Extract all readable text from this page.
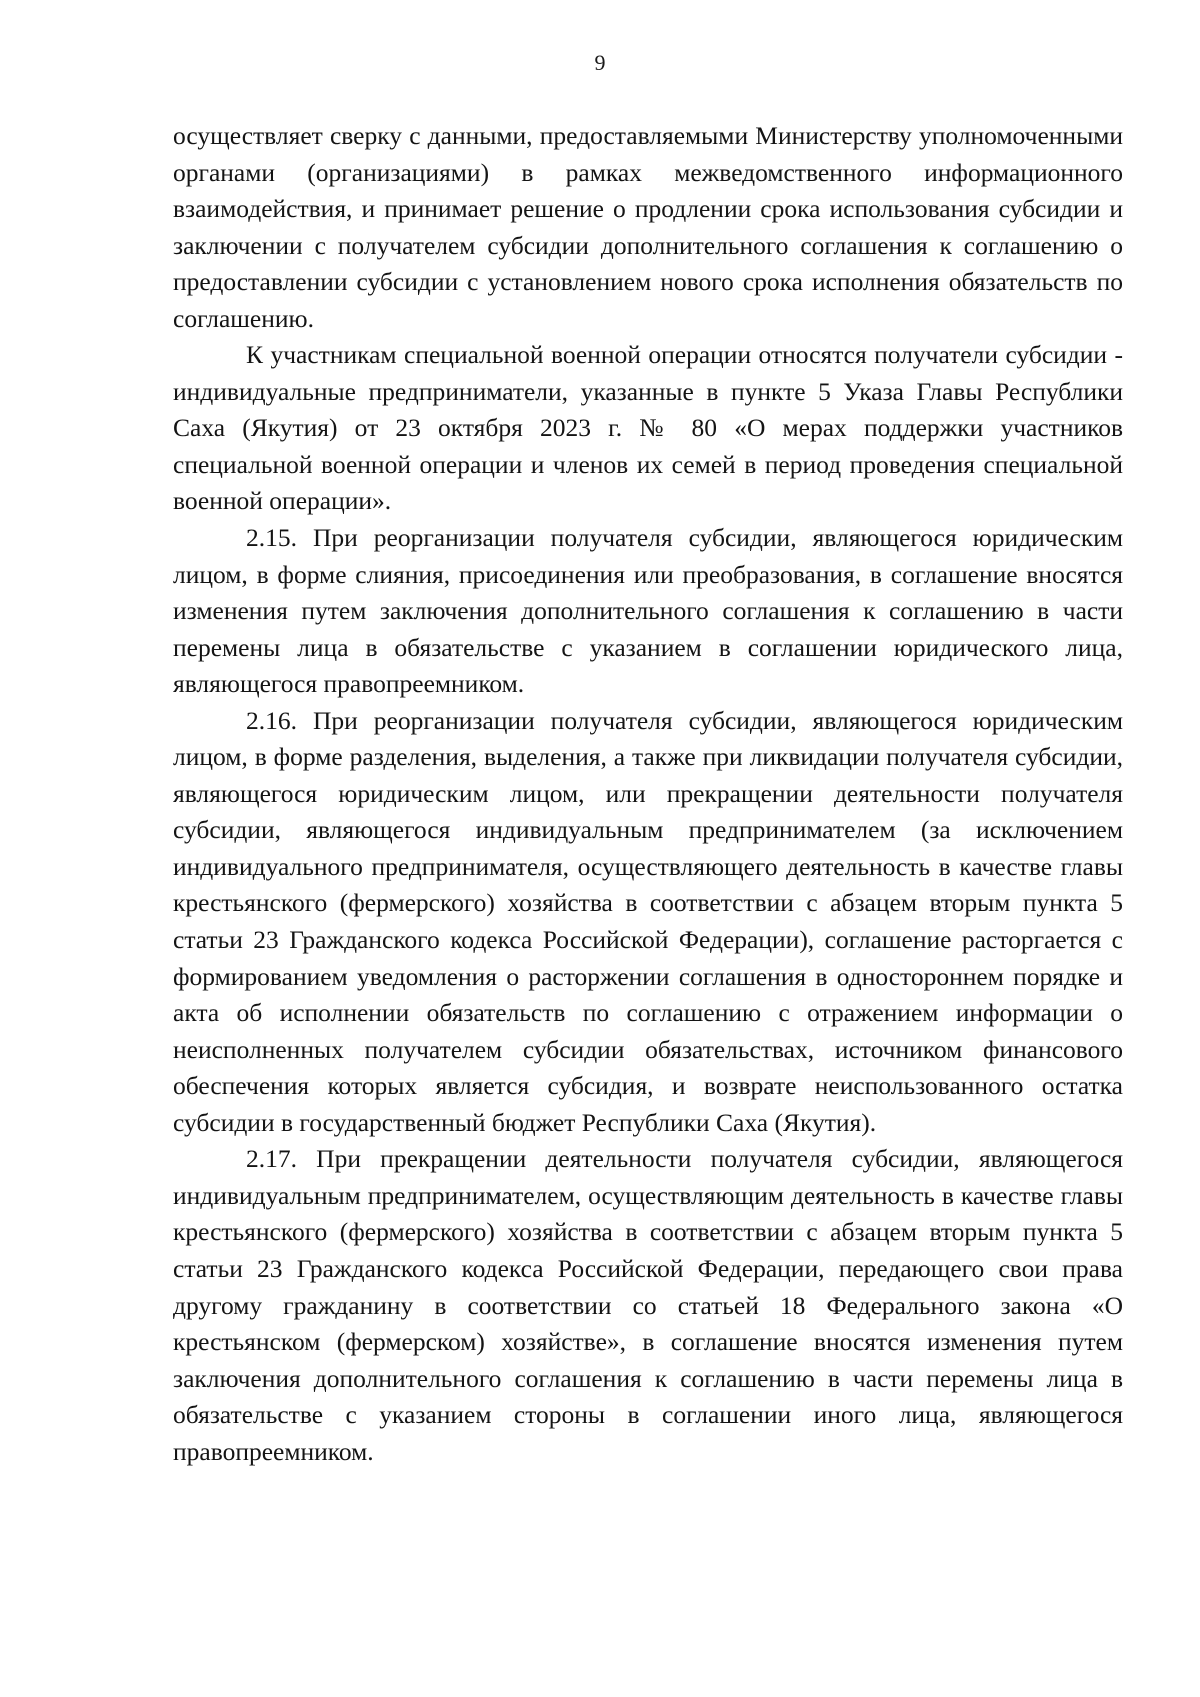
9

осуществляет сверку с данными, предоставляемыми Министерству уполномоченными органами (организациями) в рамках межведомственного информационного взаимодействия, и принимает решение о продлении срока использования субсидии и заключении с получателем субсидии дополнительного соглашения к соглашению о предоставлении субсидии с установлением нового срока исполнения обязательств по соглашению.

К участникам специальной военной операции относятся получатели субсидии - индивидуальные предприниматели, указанные в пункте 5 Указа Главы Республики Саха (Якутия) от 23 октября 2023 г. № 80 «О мерах поддержки участников специальной военной операции и членов их семей в период проведения специальной военной операции».

2.15. При реорганизации получателя субсидии, являющегося юридическим лицом, в форме слияния, присоединения или преобразования, в соглашение вносятся изменения путем заключения дополнительного соглашения к соглашению в части перемены лица в обязательстве с указанием в соглашении юридического лица, являющегося правопреемником.

2.16. При реорганизации получателя субсидии, являющегося юридическим лицом, в форме разделения, выделения, а также при ликвидации получателя субсидии, являющегося юридическим лицом, или прекращении деятельности получателя субсидии, являющегося индивидуальным предпринимателем (за исключением индивидуального предпринимателя, осуществляющего деятельность в качестве главы крестьянского (фермерского) хозяйства в соответствии с абзацем вторым пункта 5 статьи 23 Гражданского кодекса Российской Федерации), соглашение расторгается с формированием уведомления о расторжении соглашения в одностороннем порядке и акта об исполнении обязательств по соглашению с отражением информации о неисполненных получателем субсидии обязательствах, источником финансового обеспечения которых является субсидия, и возврате неиспользованного остатка субсидии в государственный бюджет Республики Саха (Якутия).

2.17. При прекращении деятельности получателя субсидии, являющегося индивидуальным предпринимателем, осуществляющим деятельность в качестве главы крестьянского (фермерского) хозяйства в соответствии с абзацем вторым пункта 5 статьи 23 Гражданского кодекса Российской Федерации, передающего свои права другому гражданину в соответствии со статьей 18 Федерального закона «О крестьянском (фермерском) хозяйстве», в соглашение вносятся изменения путем заключения дополнительного соглашения к соглашению в части перемены лица в обязательстве с указанием стороны в соглашении иного лица, являющегося правопреемником.
